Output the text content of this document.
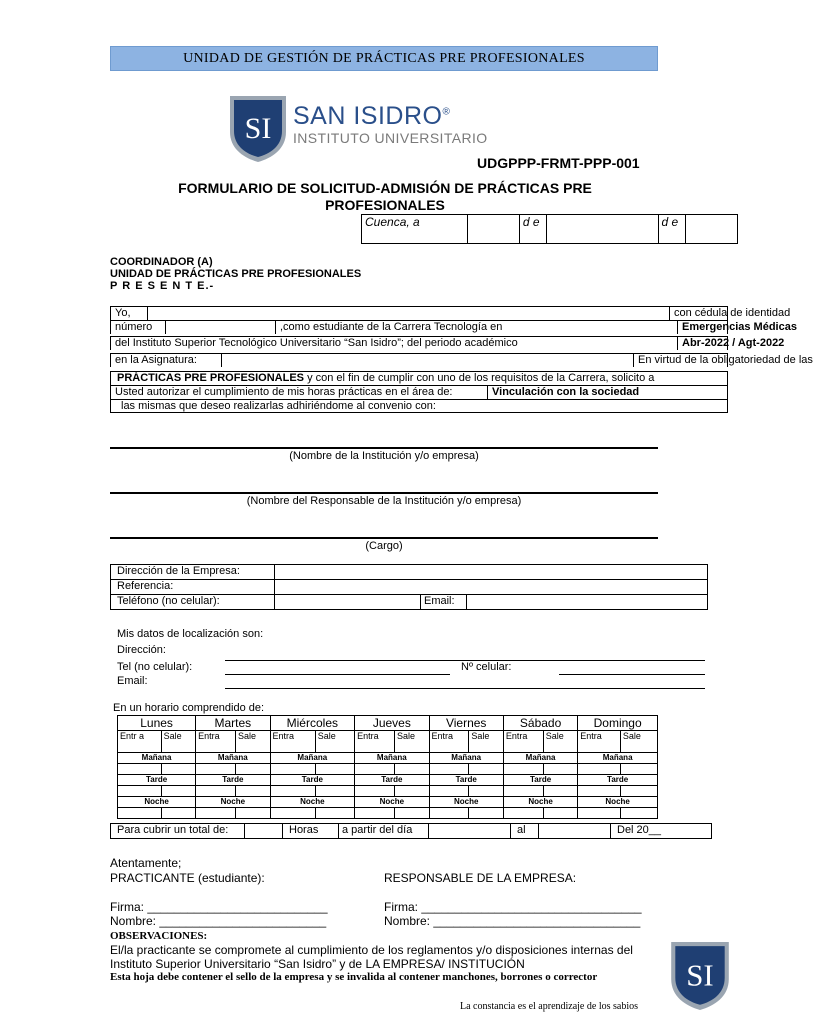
UNIDAD DE GESTIÓN DE PRÁCTICAS PRE PROFESIONALES
SI SAN ISIDRO®
INSTITUTO UNIVERSITARIO
UDGPPP-FRMT-PPP-001
FORMULARIO DE SOLICITUD-ADMISIÓN DE PRÁCTICAS PRE
PROFESIONALES
Cuenca, a		d e		d e	
COORDINADOR (A)
UNIDAD DE PRÁCTICAS PRE PROFESIONALES
P R E S E N T E.-
Yo,	con cédula de identidad
número	,como estudiante de la Carrera Tecnología en	Emergencias Médicas
del Instituto Superior Tecnológico Universitario “San Isidro”; del periodo académico	Abr-2022 / Agt-2022
en la Asignatura:	En virtud de la obligatoriedad de las
PRÁCTICAS PRE PROFESIONALES y con el fin de cumplir con uno de los requisitos de la Carrera, solicito a
Usted autorizar el cumplimiento de mis horas prácticas en el área de:	Vinculación con la sociedad
las mismas que deseo realizarlas adhiriéndome al convenio con:
(Nombre de la Institución y/o empresa)
(Nombre del Responsable de la Institución y/o empresa)
(Cargo)
Dirección de la Empresa:			
Referencia:			
Teléfono (no celular):		Email:	
Mis datos de localización son:
Dirección:
Tel (no celular):	Nº celular:
Email:
En un horario comprendido de:
Lunes		Martes		Miércoles		Jueves		Viernes		Sábado		Domingo	
Entr a	Sale	Entra	Sale	Entra	Sale	Entra	Sale	Entra	Sale	Entra	Sale	Entra	Sale
Mañana		Mañana		Mañana		Mañana		Mañana		Mañana		Mañana	

Tarde		Tarde		Tarde		Tarde		Tarde		Tarde		Tarde	

Noche		Noche		Noche		Noche		Noche		Noche		Noche	

Para cubrir un total de:		Horas	a partir del día		al		Del 20__
Atentamente;
PRACTICANTE (estudiante):	RESPONSABLE DE LA EMPRESA:
Firma: ___________________________
Nombre: _________________________
Firma: _________________________________
Nombre: _______________________________
OBSERVACIONES:
El/la practicante se compromete al cumplimiento de los reglamentos y/o disposiciones internas del Instituto Superior Universitario “San Isidro” y de LA EMPRESA/ INSTITUCIÓN
Esta hoja debe contener el sello de la empresa y se invalida al contener manchones, borrones o corrector	SI
La constancia es el aprendizaje de los sabios
